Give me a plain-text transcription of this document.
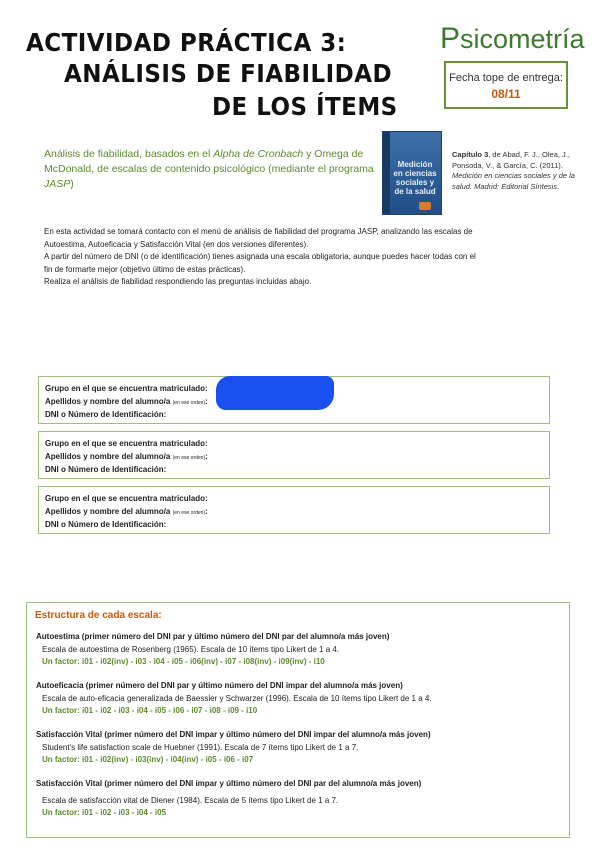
ACTIVIDAD PRÁCTICA 3:
ANÁLISIS DE FIABILIDAD
DE LOS ÍTEMS
Psicometría
Fecha tope de entrega:
08/11
Análisis de fiabilidad, basados en el Alpha de Cronbach y Omega de McDonald, de escalas de contenido psicológico (mediante el programa JASP)
Medición en ciencias sociales y de la salud
Capítulo 3, de Abad, F. J., Olea, J., Ponsoda, V., & García, C. (2011). Medición en ciencias sociales y de la salud. Madrid: Editorial Síntesis.

En esta actividad se tomará contacto con el menú de análisis de fiabilidad del programa JASP, analizando las escalas de

Autoestima, Autoeficacia y Satisfacción Vital (en dos versiones diferentes).

A partir del número de DNI (o de identificación) tienes asignada una escala obligatoria, aunque puedes hacer todas con el

fin de formarte mejor (objetivo último de estas prácticas).

Realiza el análisis de fiabilidad respondiendo las preguntas incluidas abajo.

Grupo en el que se encuentra matriculado:
Apellidos y nombre del alumno/a (en ese orden):
DNI o Número de Identificación:
Grupo en el que se encuentra matriculado:
Apellidos y nombre del alumno/a (en ese orden):
DNI o Número de Identificación:
Grupo en el que se encuentra matriculado:
Apellidos y nombre del alumno/a (en ese orden):
DNI o Número de Identificación:
Estructura de cada escala:
Autoestima (primer número del DNI par y último número del DNI par del alumno/a más joven)
Escala de autoestima de Rosenberg (1965). Escala de 10 ítems tipo Likert de 1 a 4.
Un factor: i01 - i02(inv) - i03 - i04 - i05 - i06(inv) - i07 - i08(inv) - i09(inv) - i10
Autoeficacia (primer número del DNI par y último número del DNI impar del alumno/a más joven)
Escala de auto-eficacia generalizada de Baessler y Schwarzer (1996). Escala de 10 ítems tipo Likert de 1 a 4.
Un factor: i01 - i02 - i03 - i04 - i05 - i06 - i07 - i08 - i09 - i10
Satisfacción Vital (primer número del DNI impar y último número del DNI impar del alumno/a más joven)
Student's life satisfaction scale de Huebner (1991). Escala de 7 ítems tipo Likert de 1 a 7.
Un factor: i01 - i02(inv) - i03(inv) - i04(inv) - i05 - i06 - i07
Satisfacción Vital (primer número del DNI impar y último número del DNI par del alumno/a más joven)
Escala de satisfacción vital de Diener (1984). Escala de 5 ítems tipo Likert de 1 a 7.
Un factor: i01 - i02 - i03 - i04 - i05
